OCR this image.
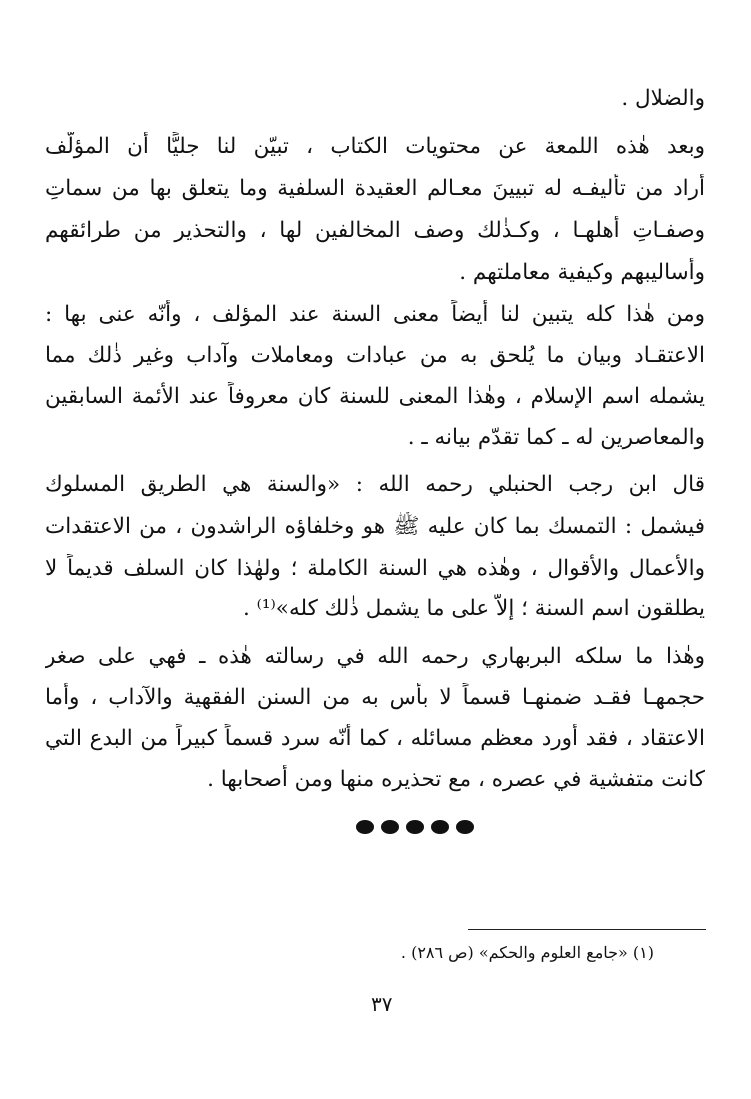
والضلال .
وبعد هٰذه اللمعة عن محتويات الكتاب ، تبيّن لنا جليًّا أن المؤلّف
أراد من تأليفـه له تبيينَ معـالم العقيدة السلفية وما يتعلق بها من سماتِ
وصفـاتِ أهلهـا ، وكـذٰلك وصف المخالفين لها ، والتحذير من طرائقهم
وأساليبهم وكيفية معاملتهم .
ومن هٰذا كله يتبين لنا أيضاً معنى السنة عند المؤلف ، وأنّه عنى بها :
الاعتقـاد وبيان ما يُلحق به من عبادات ومعاملات وآداب وغير ذٰلك مما
يشمله اسم الإسلام ، وهٰذا المعنى للسنة كان معروفاً عند الأئمة السابقين
والمعاصرين له ـ كما تقدّم بيانه ـ .
قال ابن رجب الحنبلي رحمه الله : «والسنة هي الطريق المسلوك
فيشمل : التمسك بما كان عليه ﷺ هو وخلفاؤه الراشدون ، من الاعتقدات
والأعمال والأقوال ، وهٰذه هي السنة الكاملة ؛ ولهٰذا كان السلف قديماً لا
يطلقون اسم السنة ؛ إلاَّ على ما يشمل ذٰلك كله»⁽¹⁾ .
وهٰذا ما سلكه البربهاري رحمه الله في رسالته هٰذه ـ فهي على صغر
حجمهـا فقـد ضمنهـا قسماً لا بأس به من السنن الفقهية والآداب ، وأما
الاعتقاد ، فقد أورد معظم مسائله ، كما أنّه سرد قسماً كبيراً من البدع التي
كانت متفشية في عصره ، مع تحذيره منها ومن أصحابها .
(١) «جامع العلوم والحكم» (ص ٢٨٦) .
٣٧
